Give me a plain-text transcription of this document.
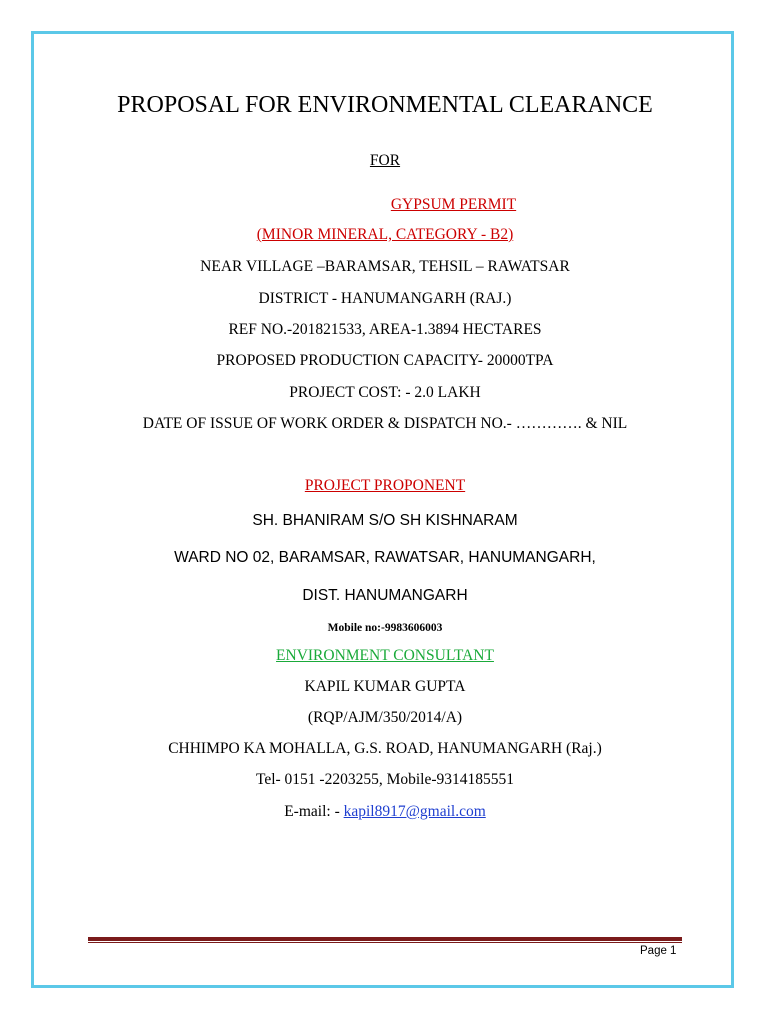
PROPOSAL FOR ENVIRONMENTAL CLEARANCE
FOR
GYPSUM PERMIT
(MINOR MINERAL, CATEGORY - B2)
NEAR VILLAGE –BARAMSAR, TEHSIL – RAWATSAR
DISTRICT - HANUMANGARH (RAJ.)
REF NO.-201821533, AREA-1.3894 HECTARES
PROPOSED PRODUCTION CAPACITY- 20000TPA
PROJECT COST: - 2.0 LAKH
DATE OF ISSUE OF WORK ORDER & DISPATCH NO.- …………. & NIL
PROJECT PROPONENT
SH. BHANIRAM S/O SH KISHNARAM
WARD NO 02, BARAMSAR, RAWATSAR, HANUMANGARH,
DIST. HANUMANGARH
Mobile no:-9983606003
ENVIRONMENT CONSULTANT
KAPIL KUMAR GUPTA
(RQP/AJM/350/2014/A)
CHHIMPO KA MOHALLA, G.S. ROAD, HANUMANGARH (Raj.)
Tel- 0151 -2203255, Mobile-9314185551
E-mail: - kapil8917@gmail.com
Page 1
